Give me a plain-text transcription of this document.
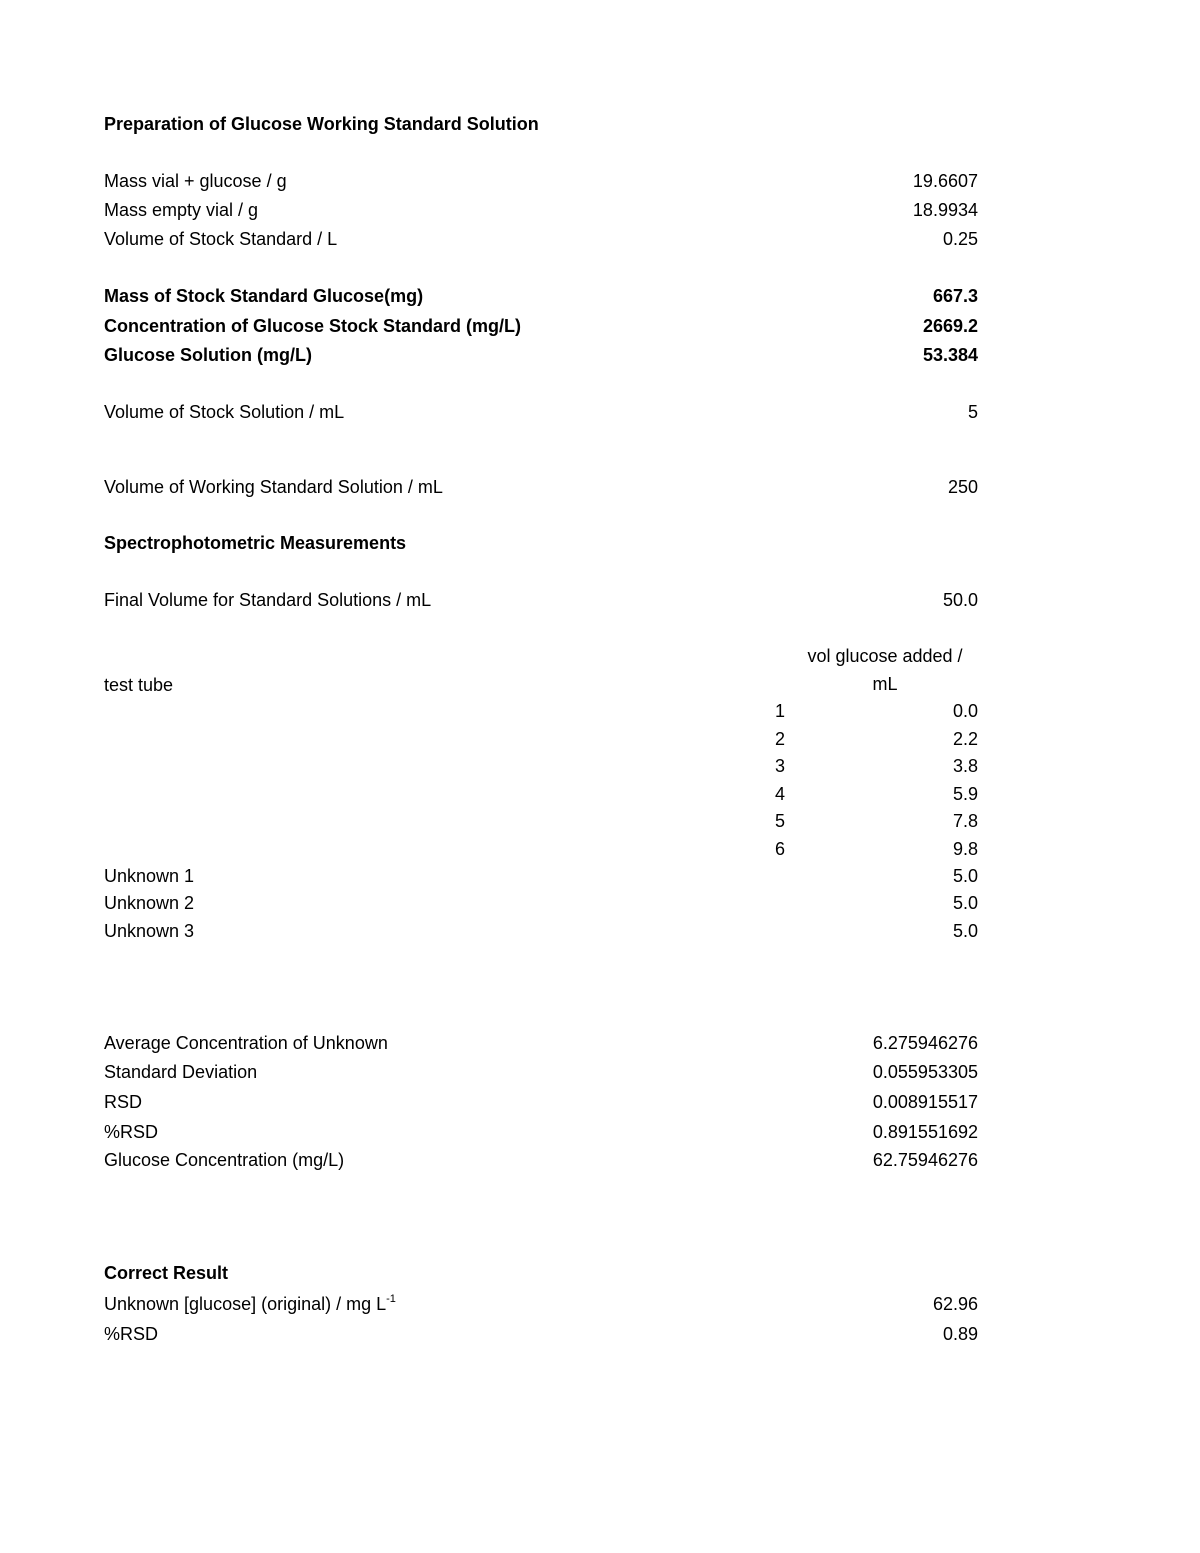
Preparation of Glucose Working Standard Solution
Mass vial + glucose / g	19.6607
Mass empty vial / g	18.9934
Volume of Stock Standard / L	0.25
Mass of Stock Standard Glucose(mg)	667.3
Concentration of Glucose Stock Standard (mg/L)	2669.2
Glucose Solution (mg/L)	53.384
Volume of Stock Solution / mL	5
Volume of Working Standard Solution / mL	250
Spectrophotometric Measurements
Final Volume for Standard Solutions / mL	50.0
vol glucose added /
mL
test tube
1	0.0
2	2.2
3	3.8
4	5.9
5	7.8
6	9.8
Unknown 1	5.0
Unknown 2	5.0
Unknown 3	5.0
Average Concentration of Unknown	6.275946276
Standard Deviation	0.055953305
RSD	0.008915517
%RSD	0.891551692
Glucose Concentration (mg/L)	62.75946276
Correct Result
Unknown [glucose] (original) / mg $L^{-1}$	62.96
%RSD	0.89
